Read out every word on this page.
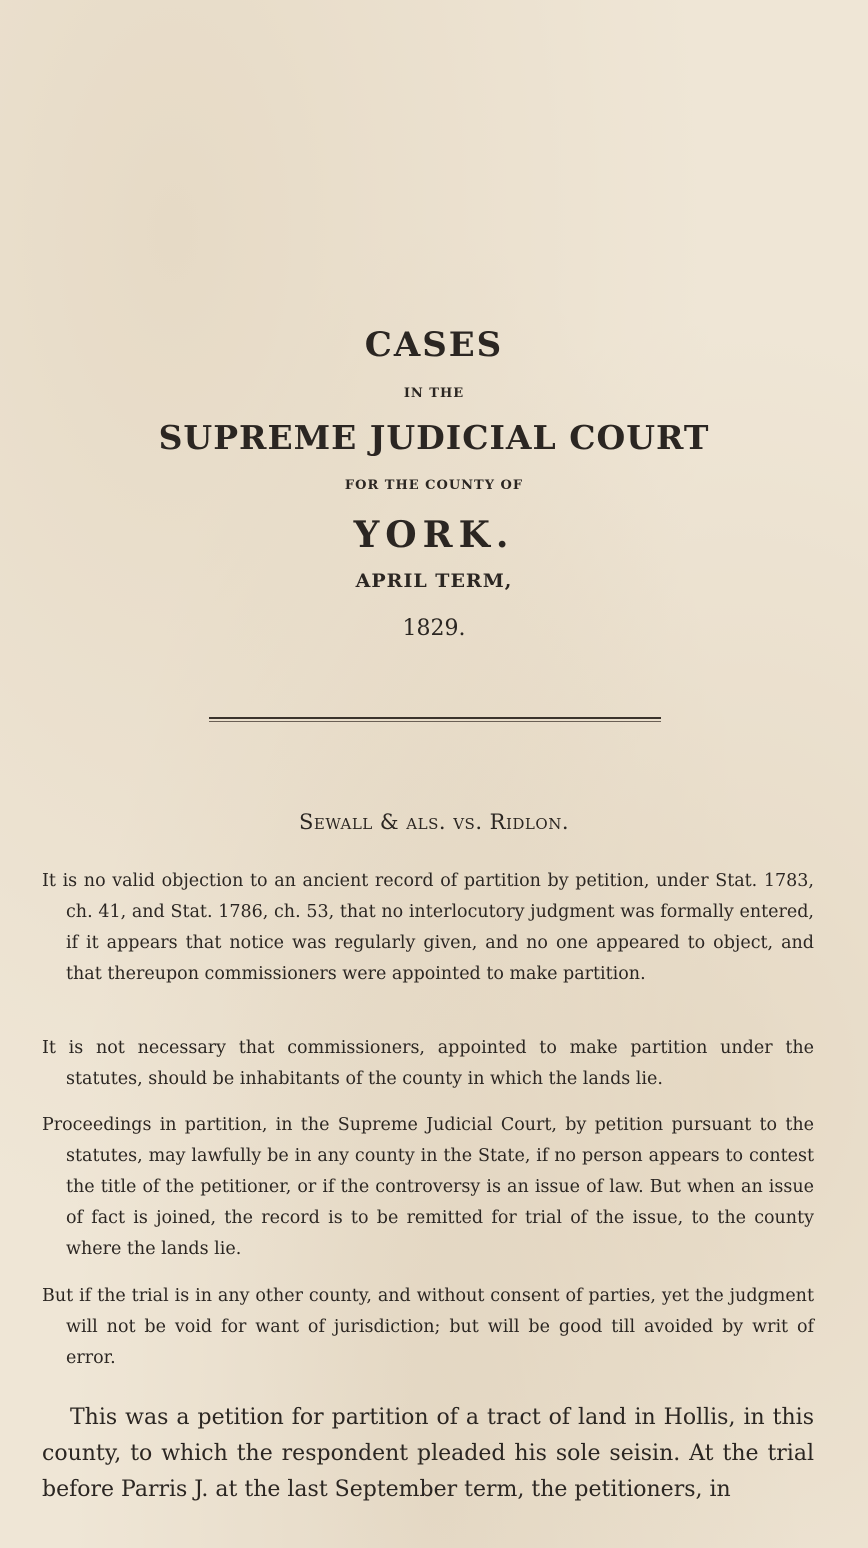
CASES
IN THE
SUPREME JUDICIAL COURT
FOR THE COUNTY OF
YORK.
APRIL TERM,
1829.
Sewall & als. vs. Ridlon.
It is no valid objection to an ancient record of partition by petition, under Stat. 1783, ch. 41, and Stat. 1786, ch. 53, that no interlocutory judgment was formally entered, if it appears that notice was regularly given, and no one appeared to object, and that thereupon commissioners were appointed to make partition.
It is not necessary that commissioners, appointed to make partition under the statutes, should be inhabitants of the county in which the lands lie.
Proceedings in partition, in the Supreme Judicial Court, by petition pursuant to the statutes, may lawfully be in any county in the State, if no person appears to contest the title of the petitioner, or if the controversy is an issue of law. But when an issue of fact is joined, the record is to be remitted for trial of the issue, to the county where the lands lie.
But if the trial is in any other county, and without consent of parties, yet the judgment will not be void for want of jurisdiction; but will be good till avoided by writ of error.
This was a petition for partition of a tract of land in Hollis, in this county, to which the respondent pleaded his sole seisin. At the trial before Parris J. at the last September term, the petitioners, in
